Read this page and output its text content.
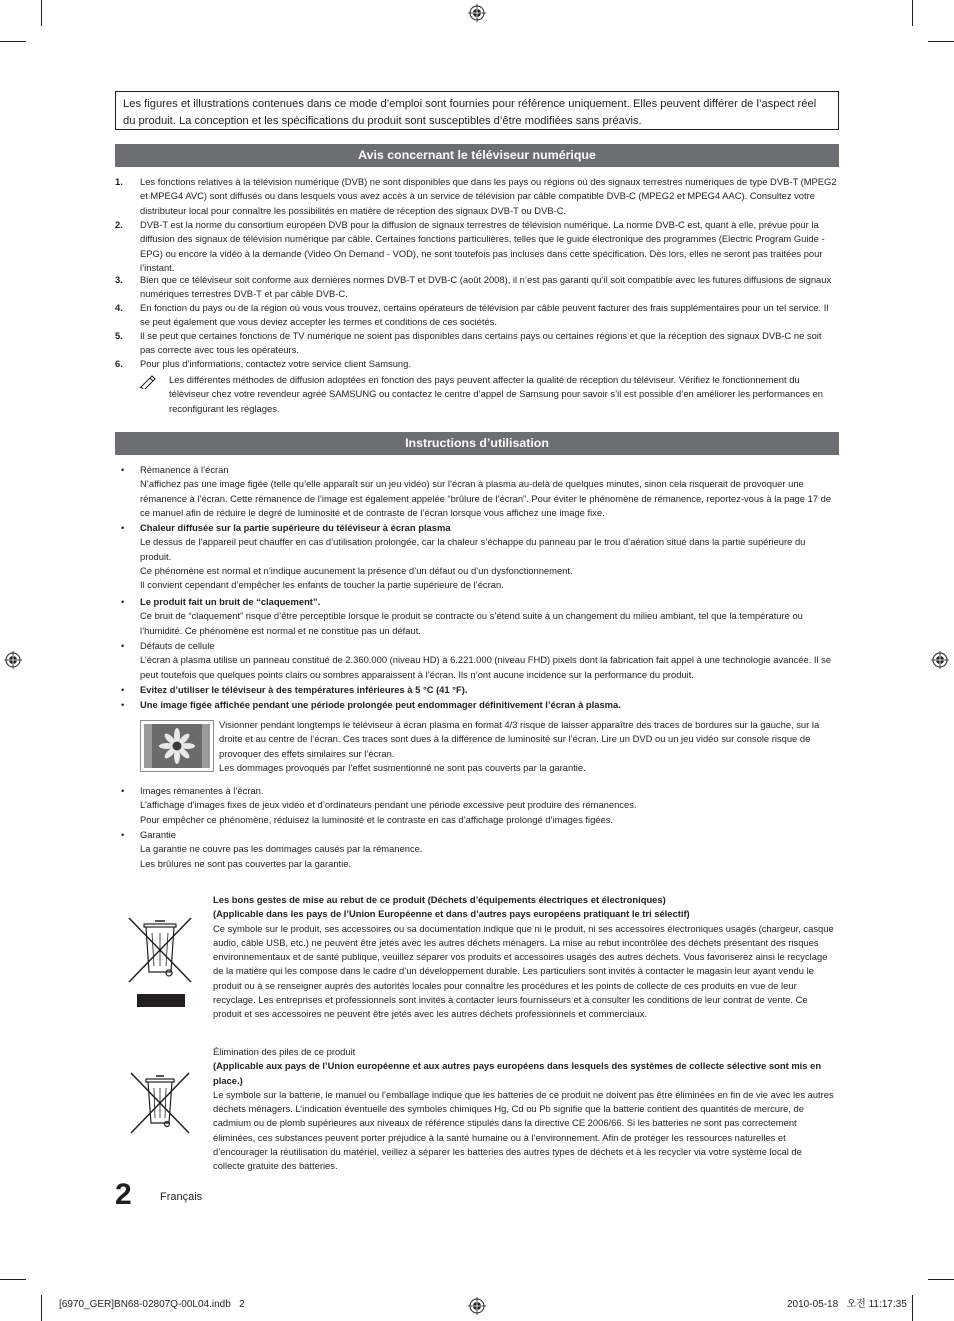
Les figures et illustrations contenues dans ce mode d’emploi sont fournies pour référence uniquement. Elles peuvent différer de l’aspect réel du produit. La conception et les spécifications du produit sont susceptibles d’être modifiées sans préavis.
Avis concernant le téléviseur numérique
1. Les fonctions relatives à la télévision numérique (DVB) ne sont disponibles que dans les pays ou régions où des signaux terrestres numériques de type DVB-T (MPEG2 et MPEG4 AVC) sont diffusés ou dans lesquels vous avez accès à un service de télévision par câble compatible DVB-C (MPEG2 et MPEG4 AAC). Consultez votre distributeur local pour connaître les possibilités en matière de réception des signaux DVB-T ou DVB-C.
2. DVB-T est la norme du consortium européen DVB pour la diffusion de signaux terrestres de télévision numérique. La norme DVB-C est, quant à elle, prévue pour la diffusion des signaux de télévision numérique par câble. Certaines fonctions particulières, telles que le guide électronique des programmes (Electric Program Guide - EPG) ou encore la vidéo à la demande (Video On Demand - VOD), ne sont toutefois pas incluses dans cette spécification. Dès lors, elles ne seront pas traitées pour l’instant.
3. Bien que ce téléviseur soit conforme aux dernières normes DVB-T et DVB-C (août 2008), il n’est pas garanti qu’il soit compatible avec les futures diffusions de signaux numériques terrestres DVB-T et par câble DVB-C.
4. En fonction du pays ou de la région où vous vous trouvez, certains opérateurs de télévision par câble peuvent facturer des frais supplémentaires pour un tel service. Il se peut également que vous deviez accepter les termes et conditions de ces sociétés.
5. Il se peut que certaines fonctions de TV numérique ne soient pas disponibles dans certains pays ou certaines régions et que la réception des signaux DVB-C ne soit pas correcte avec tous les opérateurs.
6. Pour plus d’informations, contactez votre service client Samsung.
Les différentes méthodes de diffusion adoptées en fonction des pays peuvent affecter la qualité de réception du téléviseur. Vérifiez le fonctionnement du téléviseur chez votre revendeur agréé SAMSUNG ou contactez le centre d’appel de Samsung pour savoir s’il est possible d’en améliorer les performances en reconfigurant les réglages.
Instructions d’utilisation
• Rémanence à l’écran
N’affichez pas une image figée (telle qu’elle apparaît sur un jeu vidéo) sur l’écran à plasma au-delà de quelques minutes, sinon cela risquerait de provoquer une rémanence à l’écran. Cette rémanence de l’image est également appelée “brûlure de l’écran”. Pour éviter le phénomène de rémanence, reportez-vous à la page 17 de ce manuel afin de réduire le degré de luminosité et de contraste de l’écran lorsque vous affichez une image fixe.
• Chaleur diffusée sur la partie supérieure du téléviseur à écran plasma
Le dessus de l’appareil peut chauffer en cas d’utilisation prolongée, car la chaleur s’échappe du panneau par le trou d’aération situé dans la partie supérieure du produit.
Ce phénomène est normal et n’indique aucunement la présence d’un défaut ou d’un dysfonctionnement.
Il convient cependant d’empêcher les enfants de toucher la partie supérieure de l’écran.
• Le produit fait un bruit de “claquement”.
Ce bruit de “claquement” risque d’être perceptible lorsque le produit se contracte ou s’étend suite à un changement du milieu ambiant, tel que la température ou l’humidité. Ce phénomène est normal et ne constitue pas un défaut.
• Défauts de cellule
L’écran à plasma utilise un panneau constitué de 2.360.000 (niveau HD) à 6.221.000 (niveau FHD) pixels dont la fabrication fait appel à une technologie avancée. Il se peut toutefois que quelques points clairs ou sombres apparaissent à l’écran. Ils n’ont aucune incidence sur la performance du produit.
• Evitez d’utiliser le téléviseur à des températures inférieures à 5 °C (41 °F).
• Une image figée affichée pendant une période prolongée peut endommager définitivement l’écran à plasma.
Visionner pendant longtemps le téléviseur à écran plasma en format 4/3 risque de laisser apparaître des traces de bordures sur la gauche, sur la droite et au centre de l’écran. Ces traces sont dues à la différence de luminosité sur l’écran. Lire un DVD ou un jeu vidéo sur console risque de provoquer des effets similaires sur l’écran.
Les dommages provoqués par l’effet susmentionné ne sont pas couverts par la garantie.
• Images rémanentes à l’écran.
L’affichage d’images fixes de jeux vidéo et d’ordinateurs pendant une période excessive peut produire des rémanences.
Pour empêcher ce phénomène, réduisez la luminosité et le contraste en cas d’affichage prolongé d’images figées.
• Garantie
La garantie ne couvre pas les dommages causés par la rémanence.
Les brûlures ne sont pas couvertes par la garantie.
Les bons gestes de mise au rebut de ce produit (Déchets d’équipements électriques et électroniques)
(Applicable dans les pays de l’Union Européenne et dans d’autres pays européens pratiquant le tri sélectif)
Ce symbole sur le produit, ses accessoires ou sa documentation indique que ni le produit, ni ses accessoires électroniques usagés (chargeur, casque audio, câble USB, etc.) ne peuvent être jetés avec les autres déchets ménagers. La mise au rebut incontrôlée des déchets présentant des risques environnementaux et de santé publique, veuillez séparer vos produits et accessoires usagés des autres déchets. Vous favoriserez ainsi le recyclage de la matière qui les compose dans le cadre d’un développement durable. Les particuliers sont invités à contacter le magasin leur ayant vendu le produit ou à se renseigner auprès des autorités locales pour connaître les procédures et les points de collecte de ces produits en vue de leur recyclage. Les entreprises et professionnels sont invités à contacter leurs fournisseurs et à consulter les conditions de leur contrat de vente. Ce produit et ses accessoires ne peuvent être jetés avec les autres déchets professionnels et commerciaux.
Élimination des piles de ce produit
(Applicable aux pays de l’Union européenne et aux autres pays européens dans lesquels des systèmes de collecte sélective sont mis en place.)
Le symbole sur la batterie, le manuel ou l’emballage indique que les batteries de ce produit ne doivent pas être éliminées en fin de vie avec les autres déchets ménagers. L’indication éventuelle des symboles chimiques Hg, Cd ou Pb signifie que la batterie contient des quantités de mercure, de cadmium ou de plomb supérieures aux niveaux de référence stipulés dans la directive CE 2006/66. Si les batteries ne sont pas correctement éliminées, ces substances peuvent porter préjudice à la santé humaine ou à l’environnement. Afin de protéger les ressources naturelles et d’encourager la réutilisation du matériel, veillez à séparer les batteries des autres types de déchets et à les recycler via votre système local de collecte gratuite des batteries.
2	Français
[6970_GER]BN68-02807Q-00L04.indb   2	2010-05-18   오전 11:17:35
